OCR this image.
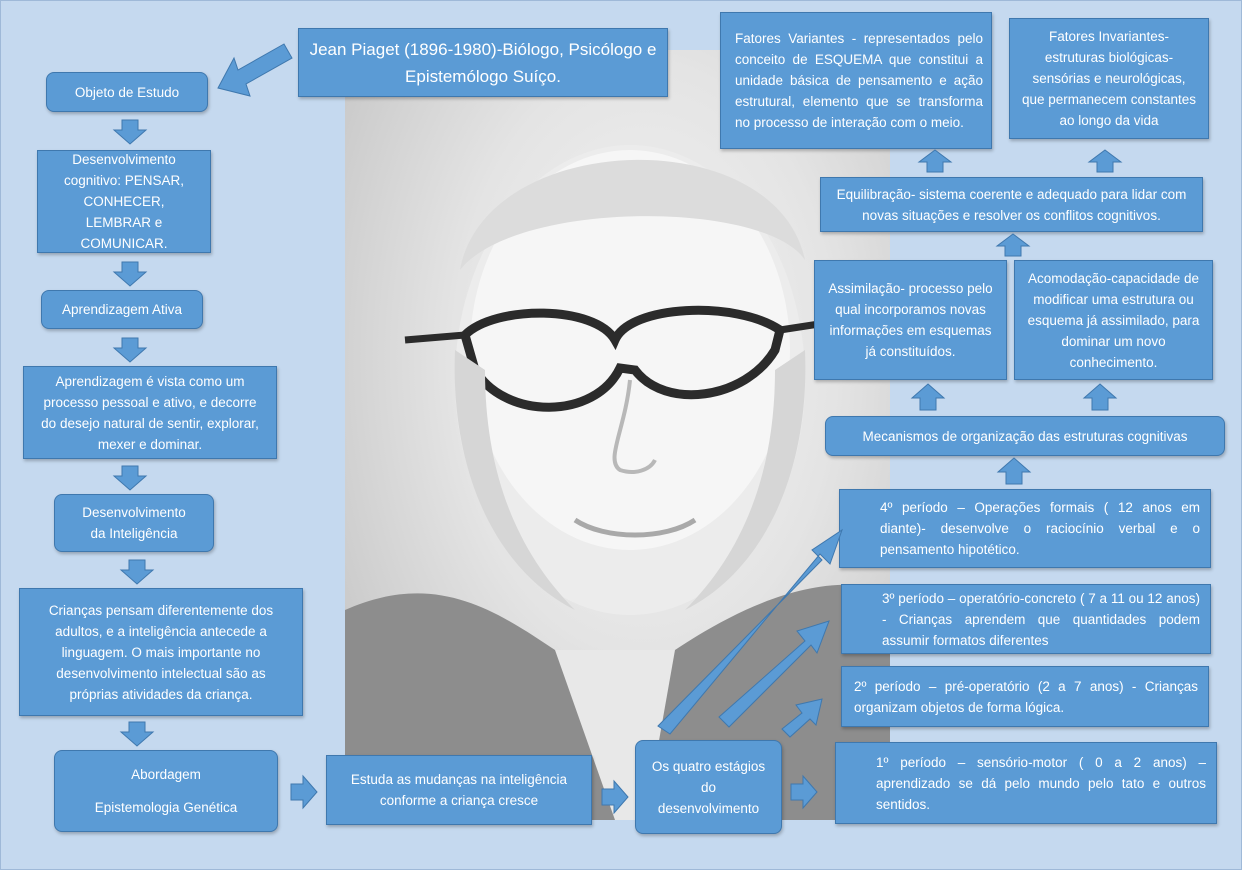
Jean Piaget (1896-1980)-Biólogo, Psicólogo e Epistemólogo Suíço.
Objeto de Estudo
Desenvolvimento cognitivo: PENSAR, CONHECER, LEMBRAR e COMUNICAR.
Aprendizagem Ativa
Aprendizagem é vista como um processo pessoal e ativo, e decorre do desejo natural de sentir, explorar, mexer e dominar.
Desenvolvimento da Inteligência
Crianças pensam diferentemente dos adultos, e a inteligência antecede a linguagem. O mais importante no desenvolvimento intelectual são as próprias atividades da criança.
Abordagem
Epistemologia Genética
Estuda as mudanças na inteligência conforme a criança cresce
Os quatro estágios do desenvolvimento
1º período – sensório-motor ( 0 a 2 anos) – aprendizado se dá pelo mundo pelo tato e outros sentidos.
2º período – pré-operatório (2 a 7 anos) - Crianças organizam objetos de forma lógica.
3º período – operatório-concreto ( 7 a 11 ou 12 anos) - Crianças aprendem que quantidades podem assumir formatos diferentes
4º período – Operações formais ( 12 anos em diante)- desenvolve o raciocínio verbal e o pensamento hipotético.
Mecanismos de organização das estruturas cognitivas
Assimilação- processo pelo qual incorporamos novas informações em esquemas já constituídos.
Acomodação-capacidade de modificar uma estrutura ou esquema já assimilado, para dominar um novo conhecimento.
Equilibração- sistema coerente e adequado para lidar com novas situações e resolver os conflitos cognitivos.
Fatores Variantes - representados pelo conceito de ESQUEMA que constitui a unidade básica de pensamento e ação estrutural, elemento que se transforma no processo de interação com o meio.
Fatores Invariantes- estruturas biológicas- sensórias e neurológicas, que permanecem constantes ao longo da vida
